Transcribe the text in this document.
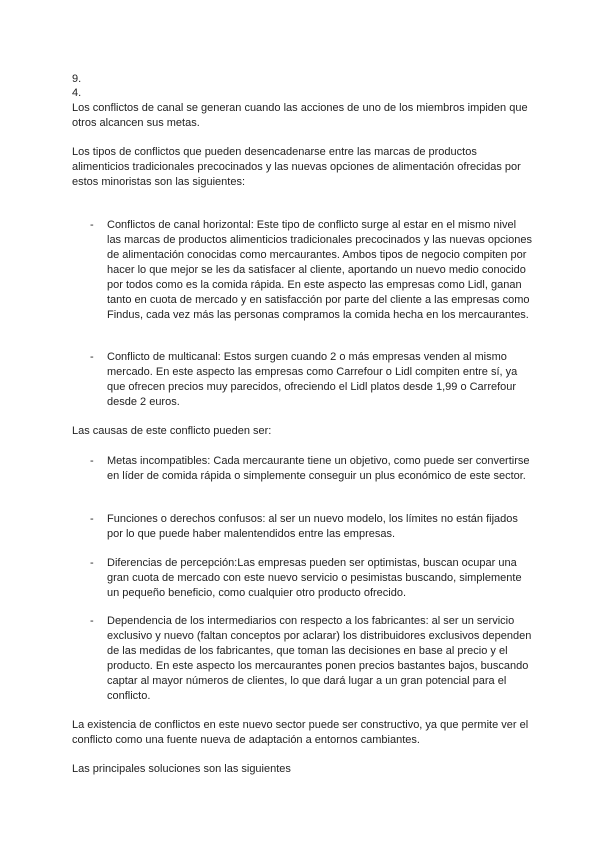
9.

4.

Los conflictos de canal se generan cuando las acciones de uno de los miembros impiden que otros alcancen sus metas.

Los tipos de conflictos que pueden desencadenarse entre las marcas de productos alimenticios tradicionales precocinados y las nuevas opciones de alimentación ofrecidas por estos minoristas son las siguientes:

-	Conflictos de canal horizontal: Este tipo de conflicto surge al estar en el mismo nivel las marcas de productos alimenticios tradicionales precocinados y las nuevas opciones de alimentación conocidas como mercaurantes. Ambos tipos de negocio compiten por hacer lo que mejor se les da satisfacer al cliente, aportando un nuevo medio conocido por todos como es la comida rápida. En este aspecto las empresas como Lidl, ganan tanto en cuota de mercado y en satisfacción por parte del cliente a las empresas como Findus, cada vez más las personas compramos la comida hecha en los mercaurantes.
-	Conflicto de multicanal: Estos surgen cuando 2 o más empresas venden al mismo mercado. En este aspecto las empresas como Carrefour o Lidl compiten entre sí, ya que ofrecen precios muy parecidos, ofreciendo el Lidl platos desde 1,99 o Carrefour desde 2 euros.

Las causas de este conflicto pueden ser:

-	Metas incompatibles: Cada mercaurante tiene un objetivo, como puede ser convertirse en líder de comida rápida o simplemente conseguir un plus económico de este sector.
-	Funciones o derechos confusos: al ser un nuevo modelo, los límites no están fijados por lo que puede haber malentendidos entre las empresas.
-	Diferencias de percepción:Las empresas pueden ser optimistas, buscan ocupar una gran cuota de mercado con este nuevo servicio o pesimistas buscando, simplemente un pequeño beneficio, como cualquier otro producto ofrecido.
-	Dependencia de los intermediarios con respecto a los fabricantes: al ser un servicio exclusivo y nuevo (faltan conceptos por aclarar) los distribuidores exclusivos dependen de las medidas de los fabricantes, que toman las decisiones en base al precio y el producto. En este aspecto los mercaurantes ponen precios bastantes bajos, buscando captar al mayor números de clientes, lo que dará lugar a un gran potencial para el conflicto.

La existencia de conflictos en este nuevo sector puede ser constructivo, ya que permite ver el conflicto como una fuente nueva de adaptación a entornos cambiantes.

Las principales soluciones son las siguientes
